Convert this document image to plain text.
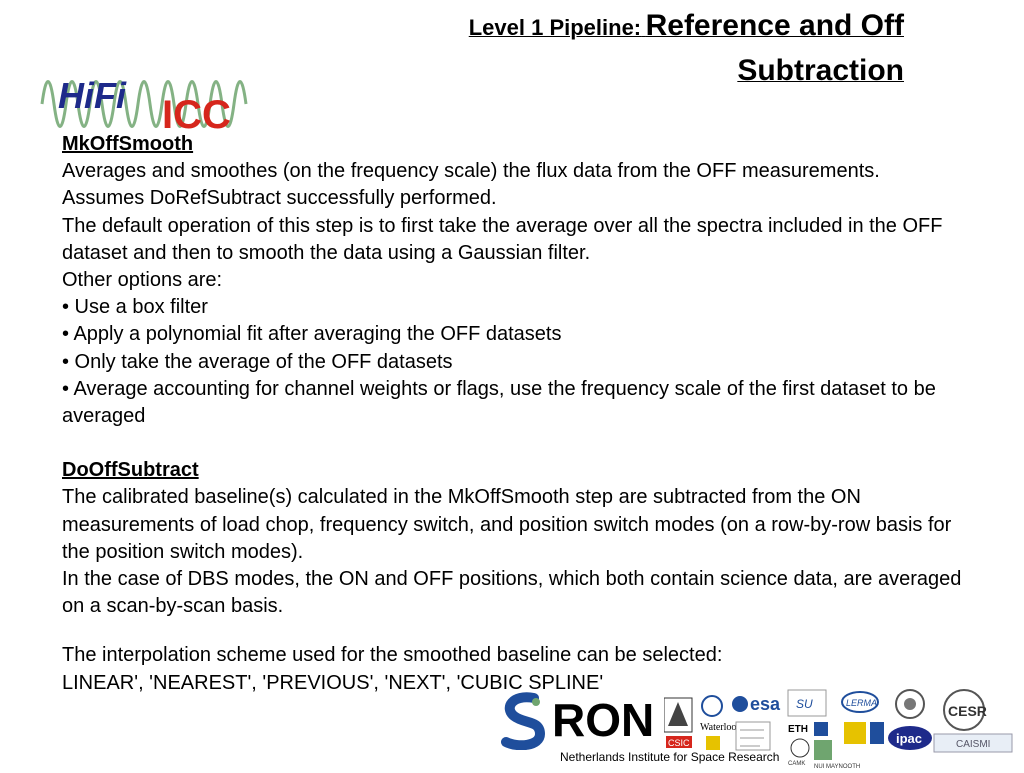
Level 1 Pipeline: Reference and Off Subtraction
HiFi ICC

MkOffSmooth

Averages and smoothes (on the frequency scale) the flux data from the OFF measurements. Assumes DoRefSubtract successfully performed.

The default operation of this step is to first take the average over all the spectra included in the OFF dataset and then to smooth the data using a Gaussian filter.

Other options are:

• Use a box filter

• Apply a polynomial fit after averaging the OFF datasets

• Only take the average of the OFF datasets

• Average accounting for channel weights or flags, use the frequency scale of the first dataset to be averaged

DoOffSubtract

The calibrated baseline(s) calculated in the MkOffSmooth step are subtracted from the ON measurements of load chop, frequency switch, and position switch modes (on a row-by-row basis for the position switch modes).

In the case of DBS modes, the ON and OFF positions, which both contain science data, are averaged on a scan-by-scan basis.

The interpolation scheme used for the smoothed baseline can be selected:

LINEAR', 'NEAREST', 'PREVIOUS', 'NEXT', 'CUBIC SPLINE'

RON
Netherlands Institute for Space Research
CSIC
Waterloo
esa SU
ETH
CAMK NUI MAYNOOTH
LERMA
ipac
CESR
CAISMI
